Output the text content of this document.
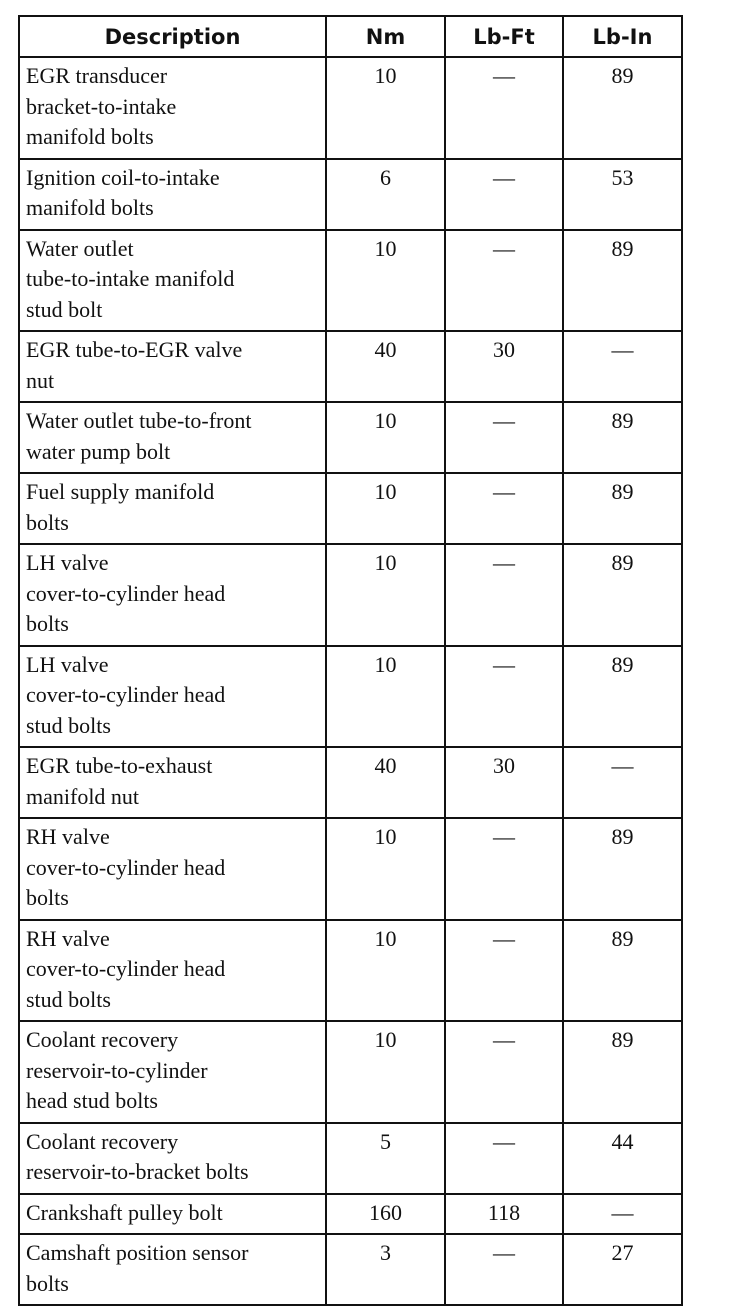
Description	Nm	Lb-Ft	Lb-In
EGR transducer
bracket-to-intake
manifold bolts	10	—	89
Ignition coil-to-intake
manifold bolts	6	—	53
Water outlet
tube-to-intake manifold
stud bolt	10	—	89
EGR tube-to-EGR valve
nut	40	30	—
Water outlet tube-to-front
water pump bolt	10	—	89
Fuel supply manifold
bolts	10	—	89
LH valve
cover-to-cylinder head
bolts	10	—	89
LH valve
cover-to-cylinder head
stud bolts	10	—	89
EGR tube-to-exhaust
manifold nut	40	30	—
RH valve
cover-to-cylinder head
bolts	10	—	89
RH valve
cover-to-cylinder head
stud bolts	10	—	89
Coolant recovery
reservoir-to-cylinder
head stud bolts	10	—	89
Coolant recovery
reservoir-to-bracket bolts	5	—	44
Crankshaft pulley bolt	160	118	—
Camshaft position sensor
bolts	3	—	27
